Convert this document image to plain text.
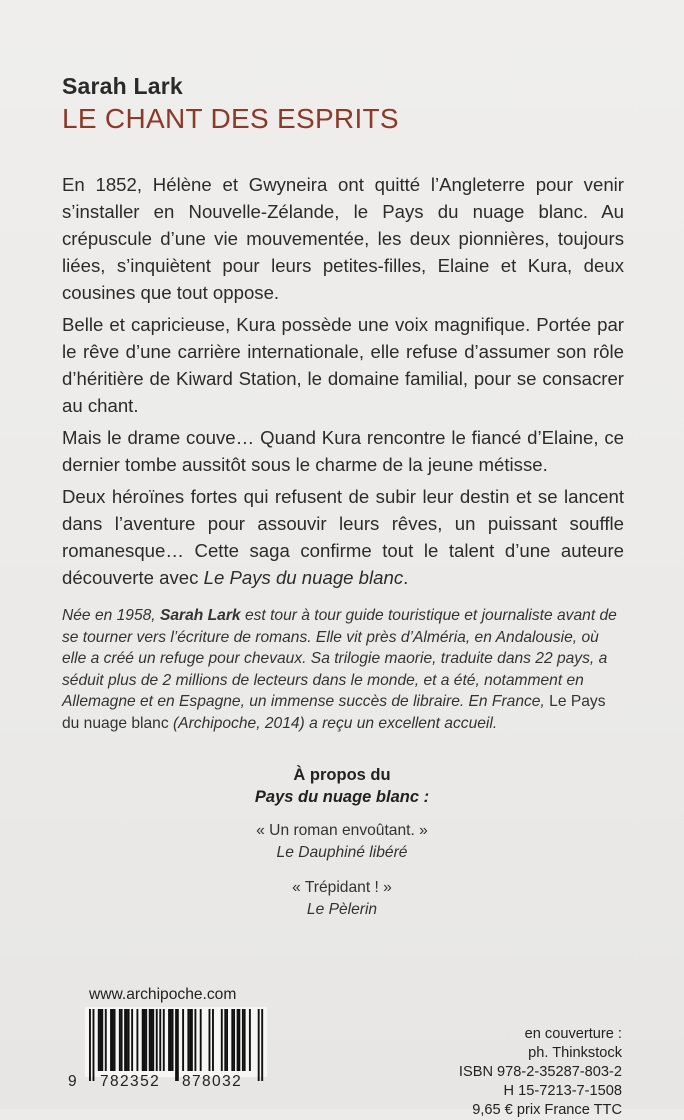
Sarah Lark
LE CHANT DES ESPRITS
En 1852, Hélène et Gwyneira ont quitté l’Angleterre pour venir s’installer en Nouvelle-Zélande, le Pays du nuage blanc. Au crépuscule d’une vie mouvementée, les deux pionnières, toujours liées, s’inquiètent pour leurs petites-filles, Elaine et Kura, deux cousines que tout oppose.
Belle et capricieuse, Kura possède une voix magnifique. Portée par le rêve d’une carrière internationale, elle refuse d’assumer son rôle d’héritière de Kiward Station, le domaine familial, pour se consacrer au chant.
Mais le drame couve… Quand Kura rencontre le fiancé d’Elaine, ce dernier tombe aussitôt sous le charme de la jeune métisse.
Deux héroïnes fortes qui refusent de subir leur destin et se lancent dans l’aventure pour assouvir leurs rêves, un puissant souffle romanesque… Cette saga confirme tout le talent d’une auteure découverte avec Le Pays du nuage blanc.
Née en 1958, Sarah Lark est tour à tour guide touristique et journaliste avant de se tourner vers l’écriture de romans. Elle vit près d’Alméria, en Andalousie, où elle a créé un refuge pour chevaux. Sa trilogie maorie, traduite dans 22 pays, a séduit plus de 2 millions de lecteurs dans le monde, et a été, notamment en Allemagne et en Espagne, un immense succès de libraire. En France, Le Pays du nuage blanc (Archipoche, 2014) a reçu un excellent accueil.
À propos du
Pays du nuage blanc :
« Un roman envoûtant. »
Le Dauphiné libéré
« Trépidant ! »
Le Pèlerin
www.archipoche.com
9 782352 878032
en couverture :
ph. Thinkstock
ISBN 978-2-35287-803-2
H 15-7213-7-1508
9,65 € prix France TTC
